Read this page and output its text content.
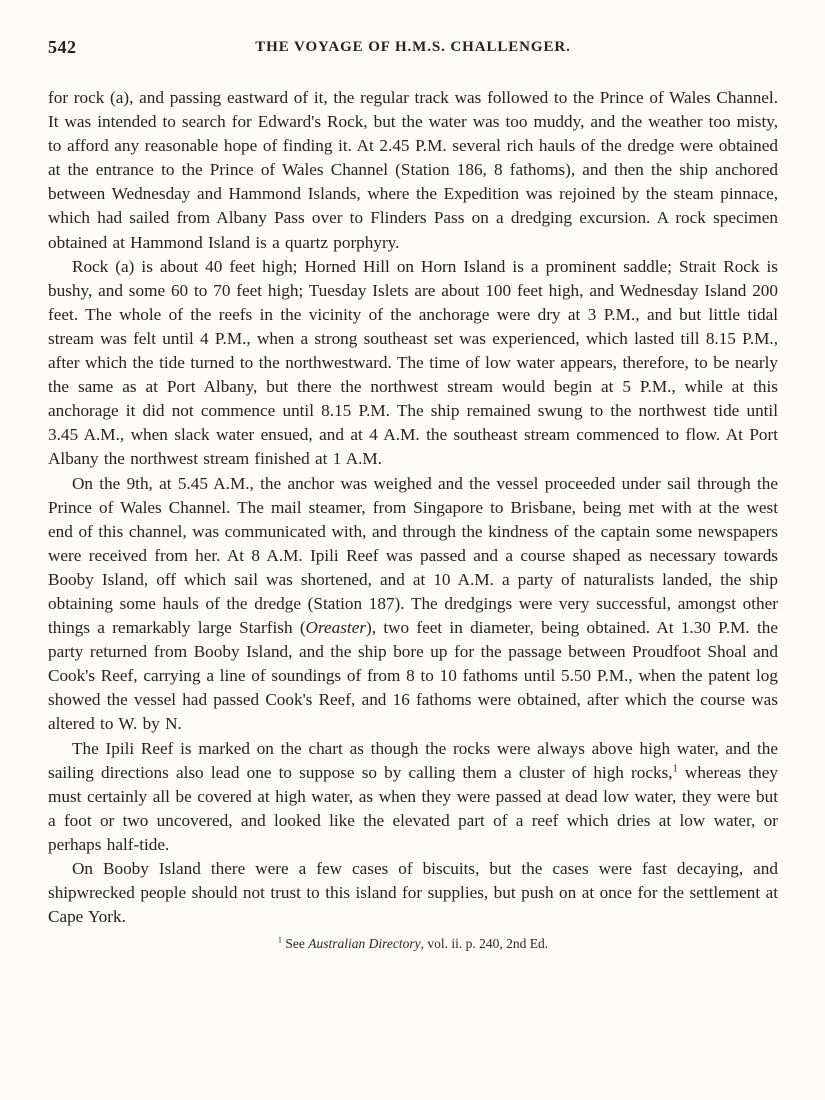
542	THE VOYAGE OF H.M.S. CHALLENGER.

for rock (a), and passing eastward of it, the regular track was followed to the Prince of Wales Channel. It was intended to search for Edward's Rock, but the water was too muddy, and the weather too misty, to afford any reasonable hope of finding it. At 2.45 P.M. several rich hauls of the dredge were obtained at the entrance to the Prince of Wales Channel (Station 186, 8 fathoms), and then the ship anchored between Wednesday and Hammond Islands, where the Expedition was rejoined by the steam pinnace, which had sailed from Albany Pass over to Flinders Pass on a dredging excursion. A rock specimen obtained at Hammond Island is a quartz porphyry.

Rock (a) is about 40 feet high; Horned Hill on Horn Island is a prominent saddle; Strait Rock is bushy, and some 60 to 70 feet high; Tuesday Islets are about 100 feet high, and Wednesday Island 200 feet. The whole of the reefs in the vicinity of the anchorage were dry at 3 P.M., and but little tidal stream was felt until 4 P.M., when a strong southeast set was experienced, which lasted till 8.15 P.M., after which the tide turned to the northwestward. The time of low water appears, therefore, to be nearly the same as at Port Albany, but there the northwest stream would begin at 5 P.M., while at this anchorage it did not commence until 8.15 P.M. The ship remained swung to the northwest tide until 3.45 A.M., when slack water ensued, and at 4 A.M. the southeast stream commenced to flow. At Port Albany the northwest stream finished at 1 A.M.

On the 9th, at 5.45 A.M., the anchor was weighed and the vessel proceeded under sail through the Prince of Wales Channel. The mail steamer, from Singapore to Brisbane, being met with at the west end of this channel, was communicated with, and through the kindness of the captain some newspapers were received from her. At 8 A.M. Ipili Reef was passed and a course shaped as necessary towards Booby Island, off which sail was shortened, and at 10 A.M. a party of naturalists landed, the ship obtaining some hauls of the dredge (Station 187). The dredgings were very successful, amongst other things a remarkably large Starfish (Oreaster), two feet in diameter, being obtained. At 1.30 P.M. the party returned from Booby Island, and the ship bore up for the passage between Proudfoot Shoal and Cook's Reef, carrying a line of soundings of from 8 to 10 fathoms until 5.50 P.M., when the patent log showed the vessel had passed Cook's Reef, and 16 fathoms were obtained, after which the course was altered to W. by N.

The Ipili Reef is marked on the chart as though the rocks were always above high water, and the sailing directions also lead one to suppose so by calling them a cluster of high rocks,$^1$ whereas they must certainly all be covered at high water, as when they were passed at dead low water, they were but a foot or two uncovered, and looked like the elevated part of a reef which dries at low water, or perhaps half-tide.

On Booby Island there were a few cases of biscuits, but the cases were fast decaying, and shipwrecked people should not trust to this island for supplies, but push on at once for the settlement at Cape York.

$^1$ See Australian Directory, vol. ii. p. 240, 2nd Ed.
